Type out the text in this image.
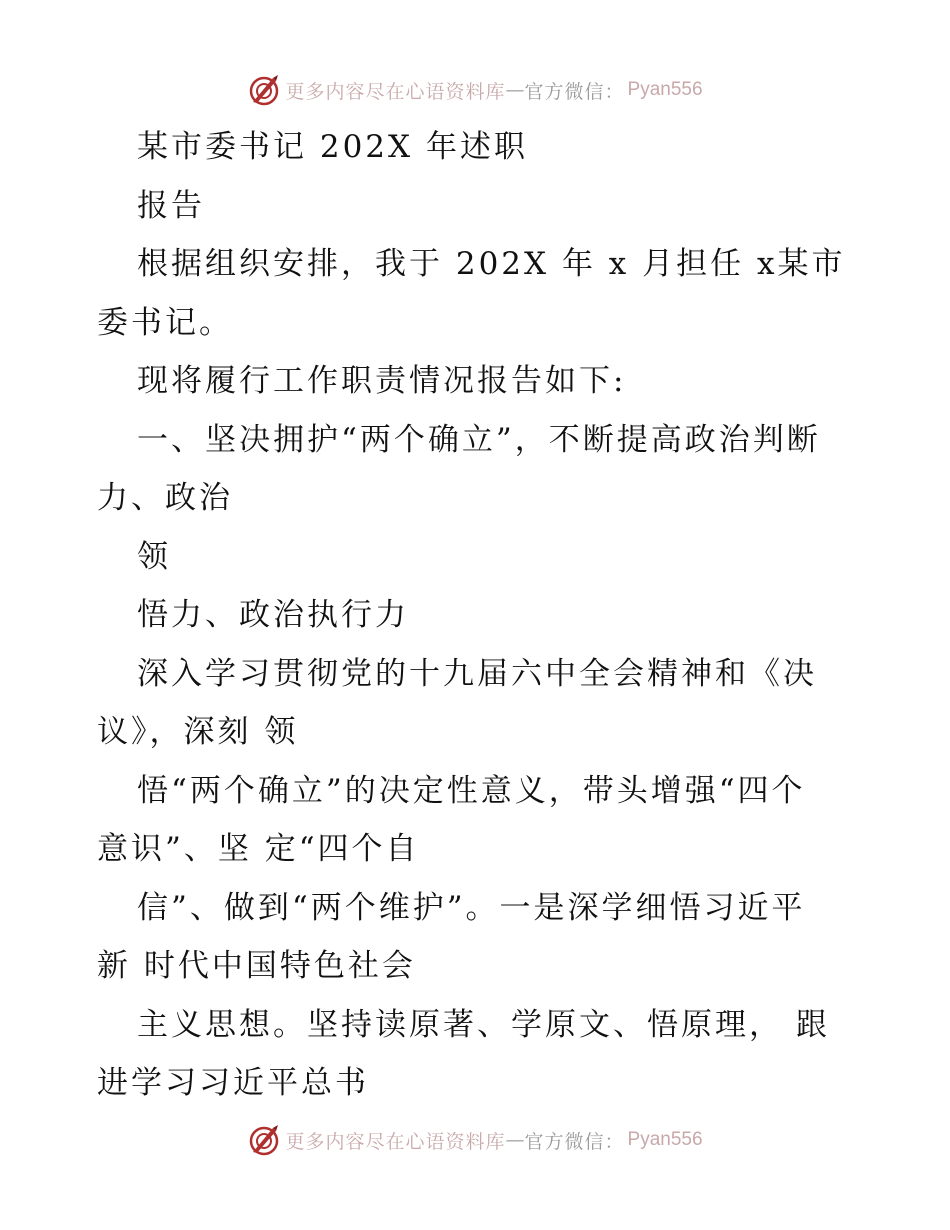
更多内容尽在心语资料库 — 官方微信 ： Pyan556
某市委书记 202X 年述职
报告
根据组织安排，我于 202X 年 x 月担任 x某市
委书记。
现将履行工作职责情况报告如下:
一、坚决拥护“两个确立”，不断提高政治判断
力、政治
领
悟力、政治执行力
深入学习贯彻党的十九届六中全会精神和《决
议》，深刻 领
悟“两个确立”的决定性意义，带头增强“四个
意识”、坚 定“四个自
信”、做到“两个维护”。一是深学细悟习近平
新 时代中国特色社会
主义思想。坚持读原著、学原文、悟原理， 跟
进学习习近平总书
更多内容尽在心语资料库 — 官方微信 ： Pyan556
